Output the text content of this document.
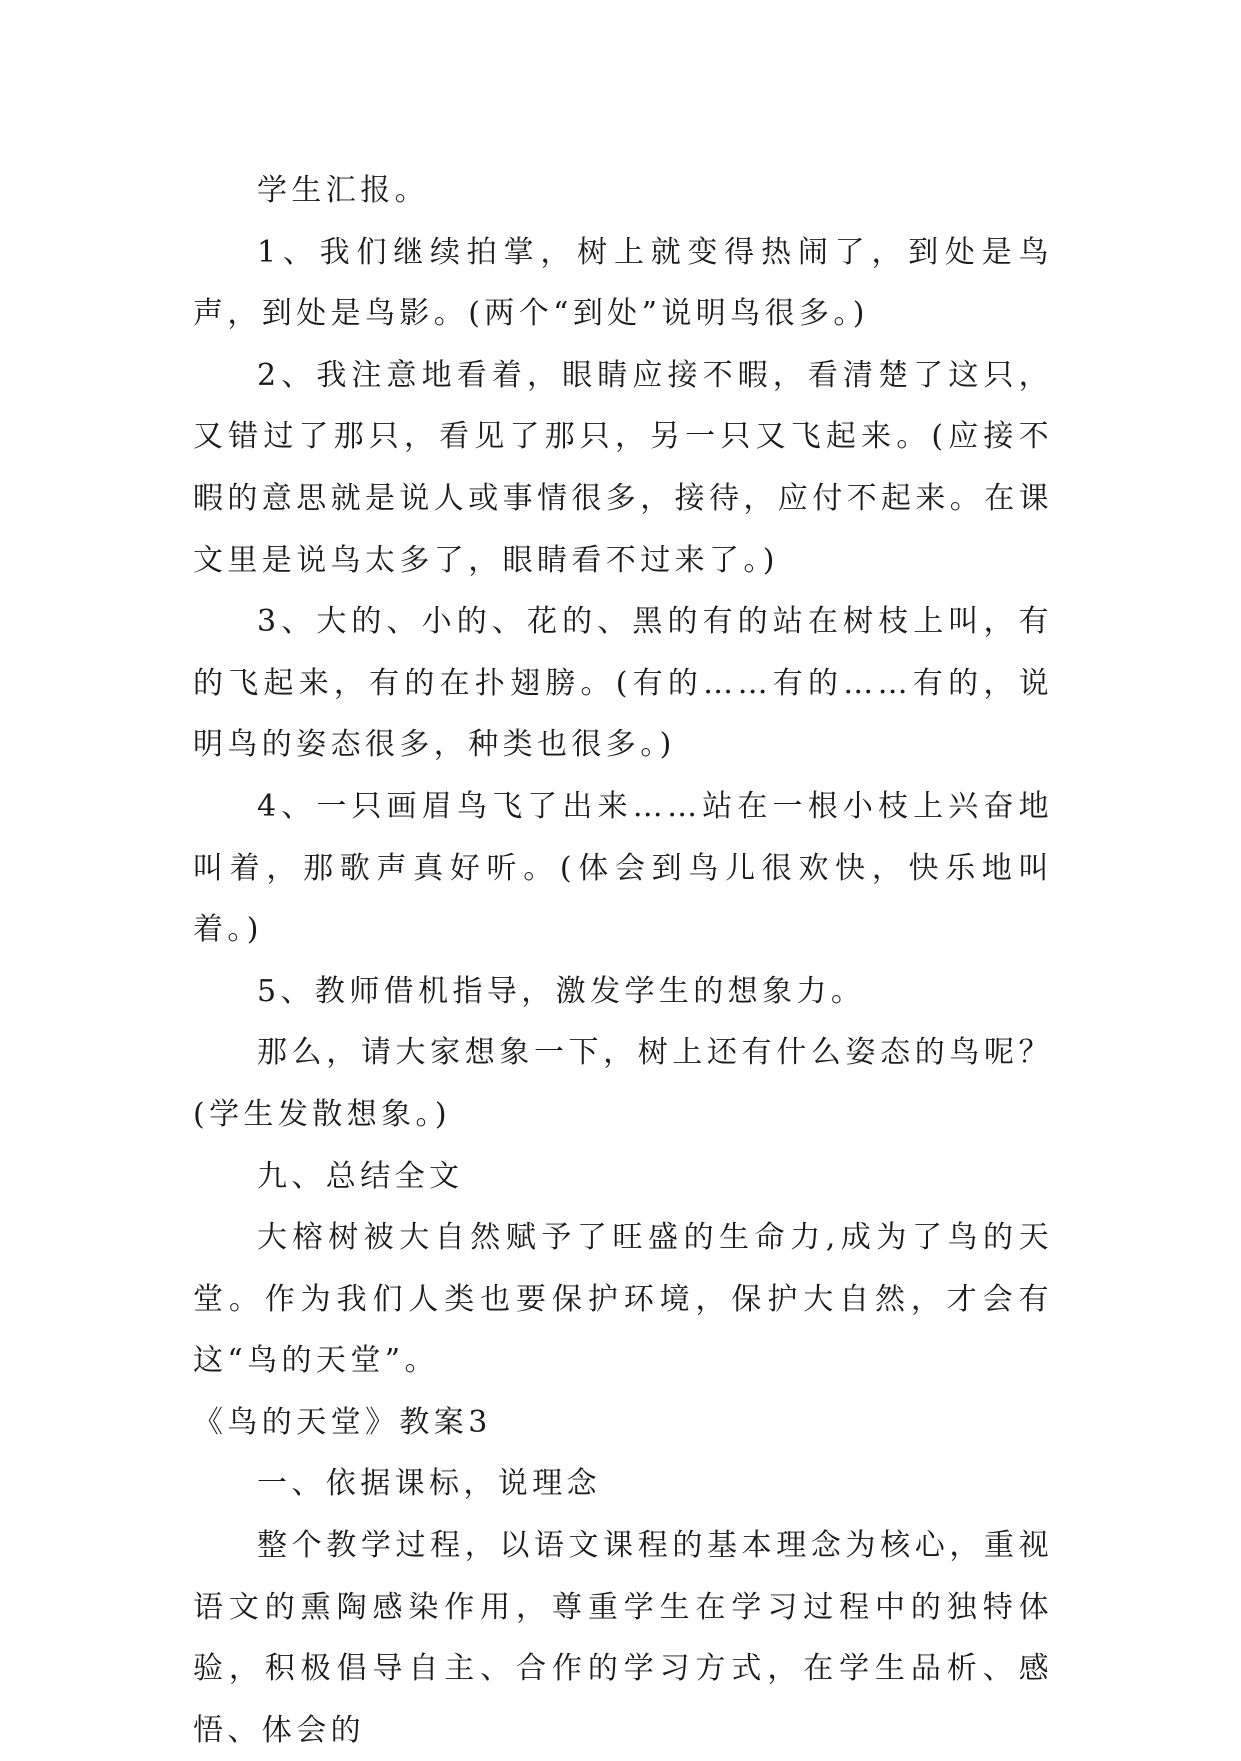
学生汇报。

1、我们继续拍掌，树上就变得热闹了，到处是鸟声，到处是鸟影。(两个“到处”说明鸟很多。)

2、我注意地看着，眼睛应接不暇，看清楚了这只，又错过了那只，看见了那只，另一只又飞起来。(应接不暇的意思就是说人或事情很多，接待，应付不起来。在课文里是说鸟太多了，眼睛看不过来了。)

3、大的、小的、花的、黑的有的站在树枝上叫，有的飞起来，有的在扑翅膀。(有的……有的……有的，说明鸟的姿态很多，种类也很多。)

4、一只画眉鸟飞了出来……站在一根小枝上兴奋地叫着，那歌声真好听。(体会到鸟儿很欢快，快乐地叫着。)

5、教师借机指导，激发学生的想象力。

那么，请大家想象一下，树上还有什么姿态的鸟呢？(学生发散想象。)

九、总结全文

大榕树被大自然赋予了旺盛的生命力,成为了鸟的天堂。作为我们人类也要保护环境，保护大自然，才会有这“鸟的天堂”。

《鸟的天堂》教案3

一、依据课标，说理念

整个教学过程，以语文课程的基本理念为核心，重视语文的熏陶感染作用，尊重学生在学习过程中的独特体验，积极倡导自主、合作的学习方式，在学生品析、感悟、体会的
